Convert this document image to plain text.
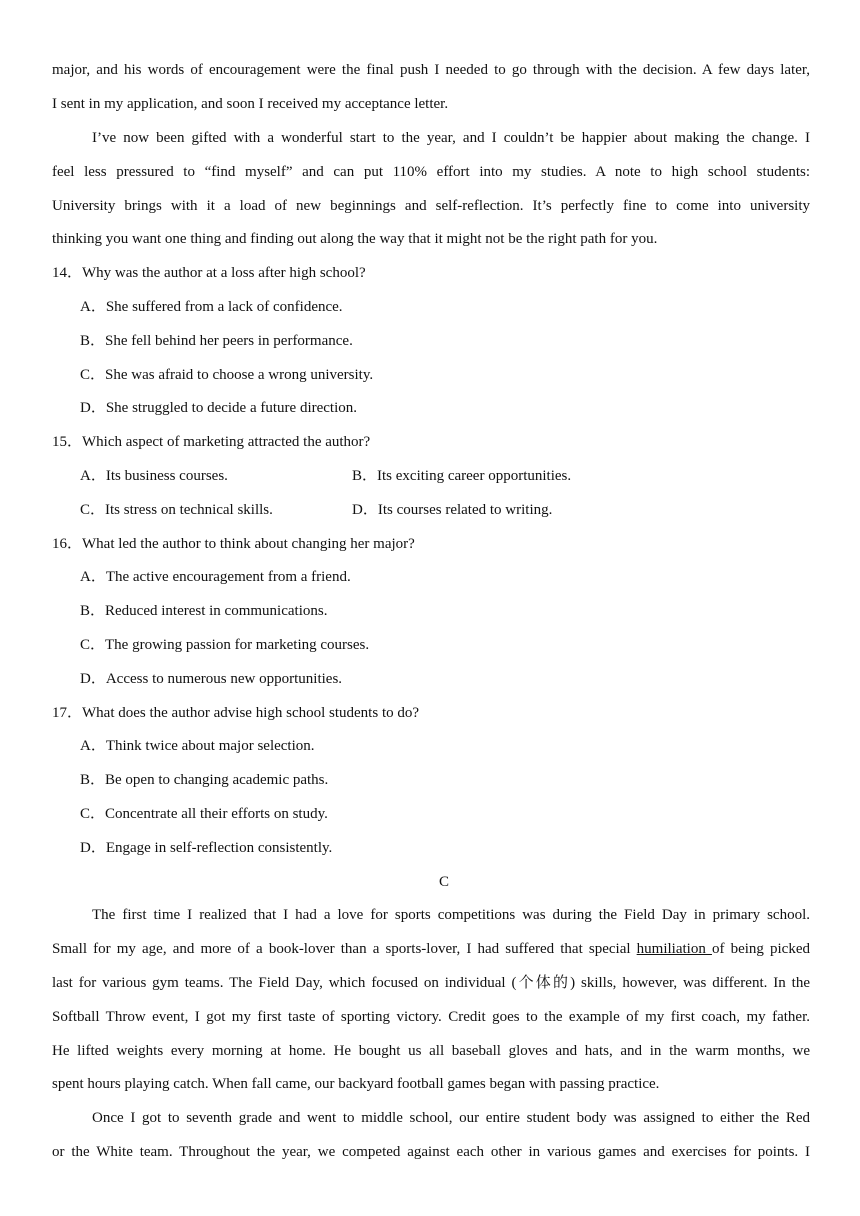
major, and his words of encouragement were the final push I needed to go through with the decision. A few days later,
I sent in my application, and soon I received my acceptance letter.
I’ve now been gifted with a wonderful start to the year, and I couldn’t be happier about making the change. I
feel less pressured to “find myself” and can put 110% effort into my studies. A note to high school students:
University brings with it a load of new beginnings and self-reflection. It’s perfectly fine to come into university
thinking you want one thing and finding out along the way that it might not be the right path for you.
14．Why was the author at a loss after high school?
A．She suffered from a lack of confidence.
B．She fell behind her peers in performance.
C．She was afraid to choose a wrong university.
D．She struggled to decide a future direction.
15．Which aspect of marketing attracted the author?
A．Its business courses.	B．Its exciting career opportunities.
C．Its stress on technical skills.	D．Its courses related to writing.
16．What led the author to think about changing her major?
A．The active encouragement from a friend.
B．Reduced interest in communications.
C．The growing passion for marketing courses.
D．Access to numerous new opportunities.
17．What does the author advise high school students to do?
A．Think twice about major selection.
B．Be open to changing academic paths.
C．Concentrate all their efforts on study.
D．Engage in self-reflection consistently.
C
The first time I realized that I had a love for sports competitions was during the Field Day in primary school.
Small for my age, and more of a book-lover than a sports-lover, I had suffered that special humiliation of being picked
last for various gym teams. The Field Day, which focused on individual (个体的) skills, however, was different. In the
Softball Throw event, I got my first taste of sporting victory. Credit goes to the example of my first coach, my father.
He lifted weights every morning at home. He bought us all baseball gloves and hats, and in the warm months, we
spent hours playing catch. When fall came, our backyard football games began with passing practice.
Once I got to seventh grade and went to middle school, our entire student body was assigned to either the Red
or the White team. Throughout the year, we competed against each other in various games and exercises for points. I
